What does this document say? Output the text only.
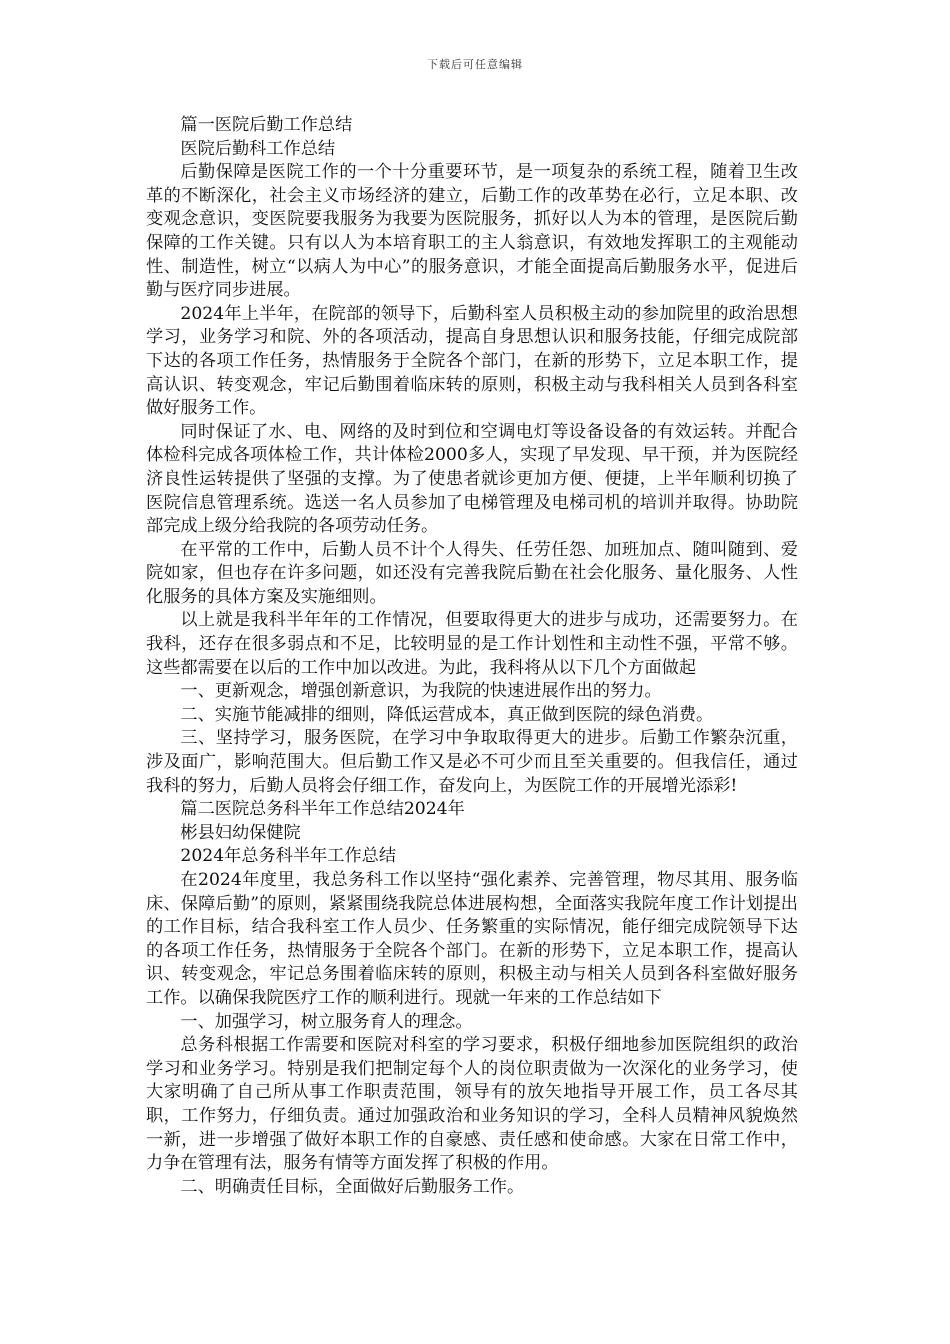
下载后可任意编辑

篇一医院后勤工作总结

医院后勤科工作总结

后勤保障是医院工作的一个十分重要环节，是一项复杂的系统工程，随着卫生改革的不断深化，社会主义市场经济的建立，后勤工作的改革势在必行，立足本职、改变观念意识，变医院要我服务为我要为医院服务，抓好以人为本的管理，是医院后勤保障的工作关键。只有以人为本培育职工的主人翁意识，有效地发挥职工的主观能动性、制造性，树立“以病人为中心”的服务意识，才能全面提高后勤服务水平，促进后勤与医疗同步进展。

2024年上半年，在院部的领导下，后勤科室人员积极主动的参加院里的政治思想学习，业务学习和院、外的各项活动，提高自身思想认识和服务技能，仔细完成院部下达的各项工作任务，热情服务于全院各个部门，在新的形势下，立足本职工作，提高认识、转变观念，牢记后勤围着临床转的原则，积极主动与我科相关人员到各科室做好服务工作。

同时保证了水、电、网络的及时到位和空调电灯等设备设备的有效运转。并配合体检科完成各项体检工作，共计体检2000多人，实现了早发现、早干预，并为医院经济良性运转提供了坚强的支撑。为了使患者就诊更加方便、便捷，上半年顺利切换了医院信息管理系统。选送一名人员参加了电梯管理及电梯司机的培训并取得。协助院部完成上级分给我院的各项劳动任务。

在平常的工作中，后勤人员不计个人得失、任劳任怨、加班加点、随叫随到、爱院如家，但也存在许多问题，如还没有完善我院后勤在社会化服务、量化服务、人性化服务的具体方案及实施细则。

以上就是我科半年年的工作情况，但要取得更大的进步与成功，还需要努力。在我科，还存在很多弱点和不足，比较明显的是工作计划性和主动性不强，平常不够。这些都需要在以后的工作中加以改进。为此，我科将从以下几个方面做起

一、更新观念，增强创新意识，为我院的快速进展作出的努力。

二、实施节能减排的细则，降低运营成本，真正做到医院的绿色消费。

三、坚持学习，服务医院，在学习中争取取得更大的进步。后勤工作繁杂沉重，涉及面广，影响范围大。但后勤工作又是必不可少而且至关重要的。但我信任，通过我科的努力，后勤人员将会仔细工作，奋发向上，为医院工作的开展增光添彩!

篇二医院总务科半年工作总结2024年

彬县妇幼保健院

2024年总务科半年工作总结

在2024年度里，我总务科工作以坚持“强化素养、完善管理，物尽其用、服务临床、保障后勤”的原则，紧紧围绕我院总体进展构想，全面落实我院年度工作计划提出的工作目标，结合我科室工作人员少、任务繁重的实际情况，能仔细完成院领导下达的各项工作任务，热情服务于全院各个部门。在新的形势下，立足本职工作，提高认识、转变观念，牢记总务围着临床转的原则，积极主动与相关人员到各科室做好服务工作。以确保我院医疗工作的顺利进行。现就一年来的工作总结如下

一、加强学习，树立服务育人的理念。

总务科根据工作需要和医院对科室的学习要求，积极仔细地参加医院组织的政治学习和业务学习。特别是我们把制定每个人的岗位职责做为一次深化的业务学习，使大家明确了自己所从事工作职责范围，领导有的放矢地指导开展工作，员工各尽其职，工作努力，仔细负责。通过加强政治和业务知识的学习，全科人员精神风貌焕然一新，进一步增强了做好本职工作的自豪感、责任感和使命感。大家在日常工作中，力争在管理有法，服务有情等方面发挥了积极的作用。

二、明确责任目标，全面做好后勤服务工作。
